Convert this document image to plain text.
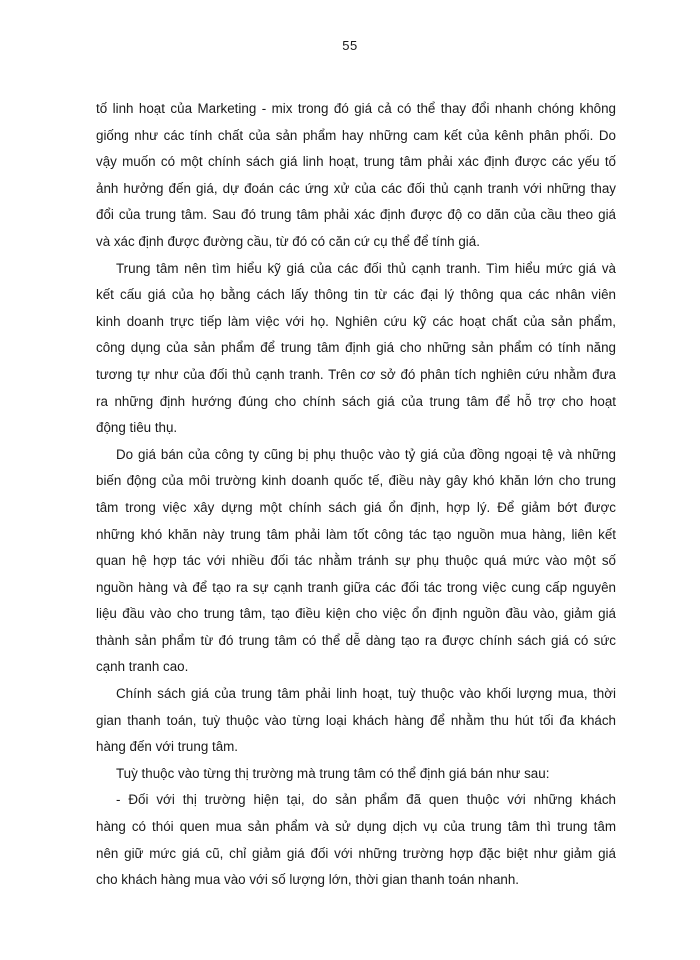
55
tố linh hoạt của Marketing - mix trong đó giá cả có thể thay đổi nhanh chóng không
giống như các tính chất của sản phẩm hay những cam kết của kênh phân phối. Do
vậy muốn có một chính sách giá linh hoạt, trung tâm phải xác định được các yếu tố
ảnh hưởng đến giá, dự đoán các ứng xử của các đối thủ cạnh tranh với những thay
đổi của trung tâm. Sau đó trung tâm phải xác định được độ co dãn của cầu theo giá
và xác định được đường cầu, từ đó có căn cứ cụ thể để tính giá.
Trung tâm nên tìm hiểu kỹ giá của các đối thủ cạnh tranh. Tìm hiểu mức giá và
kết cấu giá của họ bằng cách lấy thông tin từ các đại lý thông qua các nhân viên
kinh doanh trực tiếp làm việc với họ. Nghiên cứu kỹ các hoạt chất của sản phẩm,
công dụng của sản phẩm để trung tâm định giá cho những sản phẩm có tính năng
tương tự như của đối thủ cạnh tranh. Trên cơ sở đó phân tích nghiên cứu nhằm đưa
ra những định hướng đúng cho chính sách giá của trung tâm để hỗ trợ cho hoạt
động tiêu thụ.
Do giá bán của công ty cũng bị phụ thuộc vào tỷ giá của đồng ngoại tệ và những
biến động của môi trường kinh doanh quốc tế, điều này gây khó khăn lớn cho trung
tâm trong việc xây dựng một chính sách giá ổn định, hợp lý. Để giảm bớt được
những khó khăn này trung tâm phải làm tốt công tác tạo nguồn mua hàng, liên kết
quan hệ hợp tác với nhiều đối tác nhằm tránh sự phụ thuộc quá mức vào một số
nguồn hàng và để tạo ra sự cạnh tranh giữa các đối tác trong việc cung cấp nguyên
liệu đầu vào cho trung tâm, tạo điều kiện cho việc ổn định nguồn đầu vào, giảm giá
thành sản phẩm từ đó trung tâm có thể dễ dàng tạo ra được chính sách giá có sức
cạnh tranh cao.
Chính sách giá của trung tâm phải linh hoạt, tuỳ thuộc vào khối lượng mua, thời
gian thanh toán, tuỳ thuộc vào từng loại khách hàng để nhằm thu hút tối đa khách
hàng đến với trung tâm.
Tuỳ thuộc vào từng thị trường mà trung tâm có thể định giá bán như sau:
- Đối với thị trường hiện tại, do sản phẩm đã quen thuộc với những khách
hàng có thói quen mua sản phẩm và sử dụng dịch vụ của trung tâm thì trung tâm
nên giữ mức giá cũ, chỉ giảm giá đối với những trường hợp đặc biệt như giảm giá
cho khách hàng mua vào với số lượng lớn, thời gian thanh toán nhanh.
